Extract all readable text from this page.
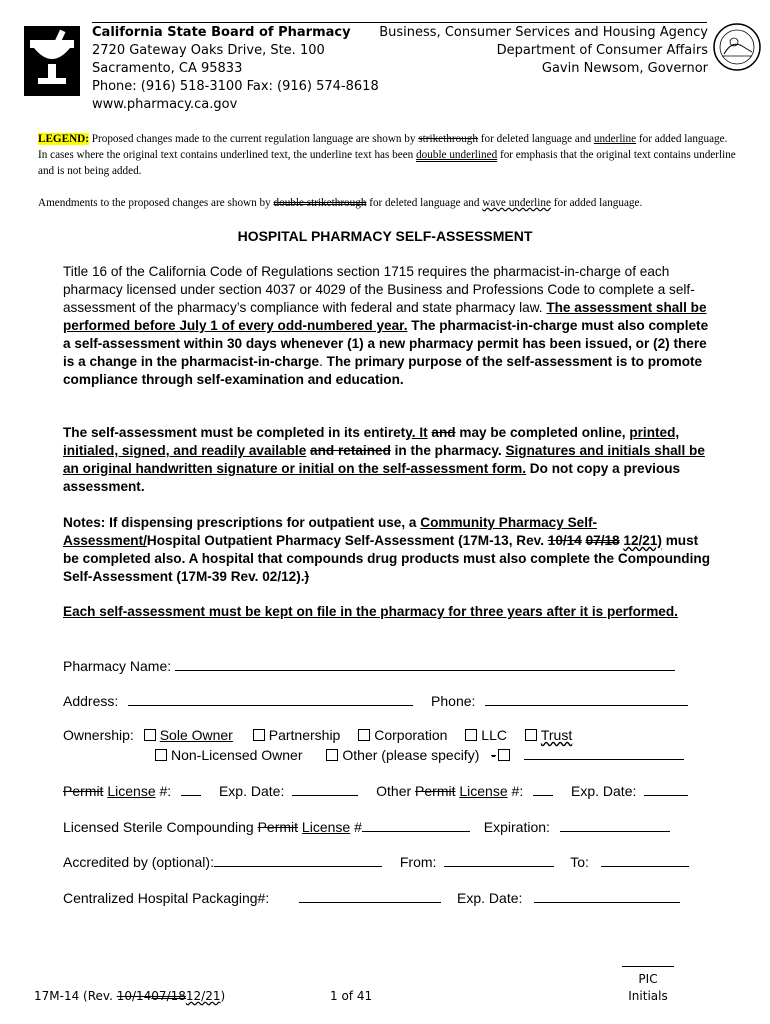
California State Board of Pharmacy
2720 Gateway Oaks Drive, Ste. 100
Sacramento, CA 95833
Phone: (916) 518-3100 Fax: (916) 574-8618
www.pharmacy.ca.gov
Business, Consumer Services and Housing Agency
Department of Consumer Affairs
Gavin Newsom, Governor
LEGEND: Proposed changes made to the current regulation language are shown by strikethrough for deleted language and underline for added language. In cases where the original text contains underlined text, the underline text has been double underlined for emphasis that the original text contains underline and is not being added.
Amendments to the proposed changes are shown by double strikethrough for deleted language and wave underline for added language.
HOSPITAL PHARMACY SELF-ASSESSMENT
Title 16 of the California Code of Regulations section 1715 requires the pharmacist-in-charge of each pharmacy licensed under section 4037 or 4029 of the Business and Professions Code to complete a self-assessment of the pharmacy’s compliance with federal and state pharmacy law. The assessment shall be performed before July 1 of every odd-numbered year. The pharmacist-in-charge must also complete a self-assessment within 30 days whenever (1) a new pharmacy permit has been issued, or (2) there is a change in the pharmacist-in-charge. The primary purpose of the self-assessment is to promote compliance through self-examination and education.
The self-assessment must be completed in its entirety. It and may be completed online, printed, initialed, signed, and readily available and retained in the pharmacy. Signatures and initials shall be an original handwritten signature or initial on the self-assessment form. Do not copy a previous assessment.
Notes: If dispensing prescriptions for outpatient use, a Community Pharmacy Self-Assessment/Hospital Outpatient Pharmacy Self-Assessment (17M-13, Rev. 10/14 07/18 12/21) must be completed also. A hospital that compounds drug products must also complete the Compounding Self-Assessment (17M-39 Rev. 02/12).)
Each self-assessment must be kept on file in the pharmacy for three years after it is performed.
Pharmacy Name:
Address:	Phone:
Ownership: Sole Owner	Partnership Corporation LLC Trust
Non-Licensed Owner	Other (please specify) -
Permit License #:	Exp. Date:	Other Permit License #:	Exp. Date:
Licensed Sterile Compounding Permit License #	Expiration:
Accredited by (optional):	From:	To:
Centralized Hospital Packaging#:	Exp. Date:
17M-14 (Rev. 10/1407/1812/21)	1 of 41
PIC
Initials
